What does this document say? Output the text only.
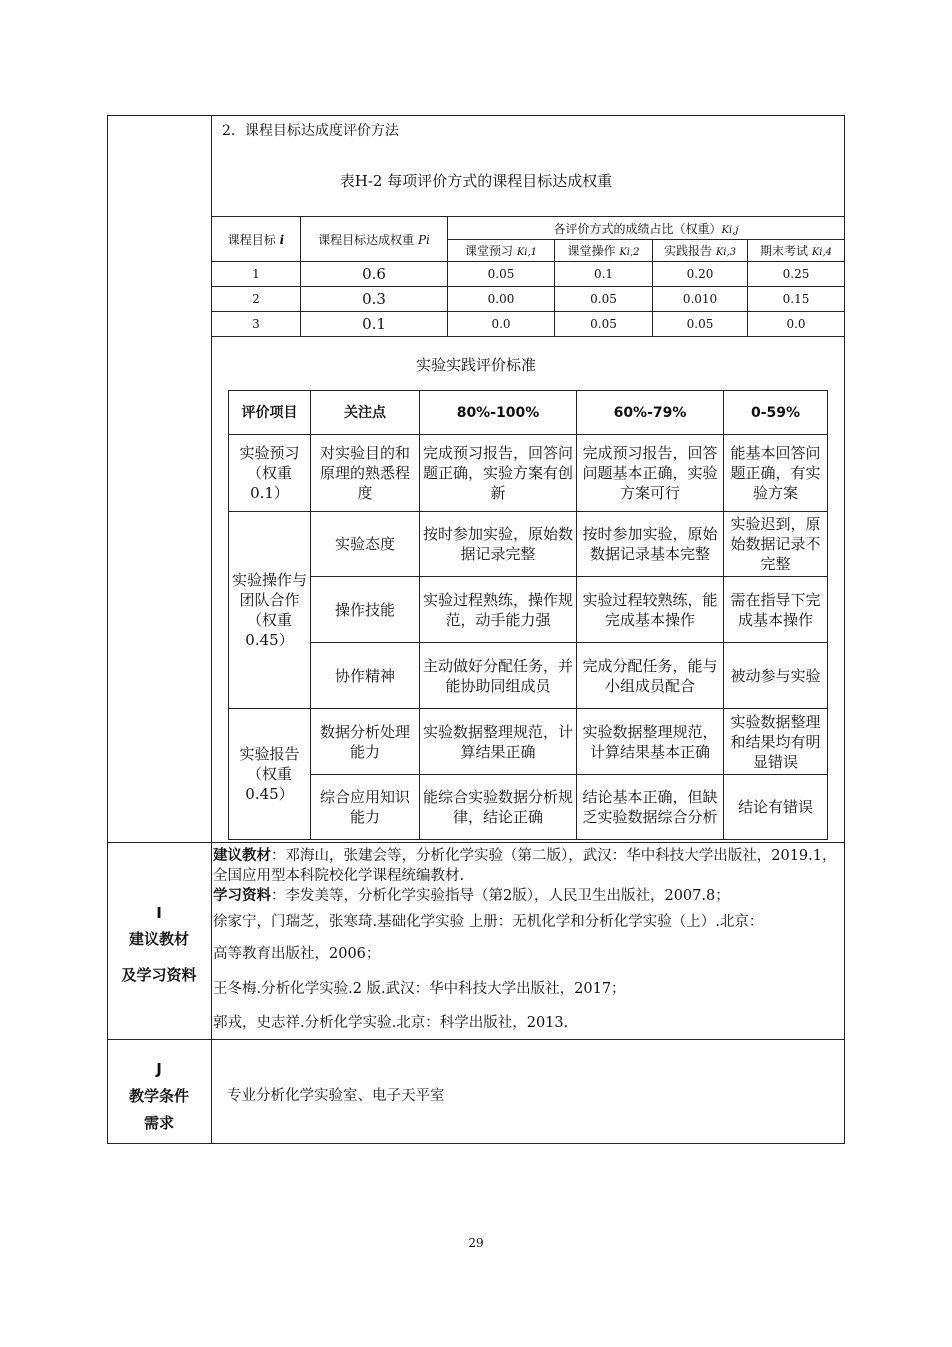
2．课程目标达成度评价方法
表H-2 每项评价方式的课程目标达成权重
课程目标 i	课程目标达成权重 Pi	各评价方式的成绩占比（权重）Ki,j			
		课堂预习 Ki,1	课堂操作 Ki,2	实践报告 Ki,3	期末考试 Ki,4
1	0.6	0.05	0.1	0.20	0.25
2	0.3	0.00	0.05	0.010	0.15
3	0.1	0.0	0.05	0.05	0.0
实验实践评价标准
评价项目	关注点	80%-100%	60%-79%	0-59%
实验预习（权重0.1）	对实验目的和原理的熟悉程度	完成预习报告，回答问题正确，实验方案有创新	完成预习报告，回答问题基本正确，实验方案可行	能基本回答问题正确，有实验方案
实验操作与团队合作（权重0.45）	实验态度	按时参加实验，原始数据记录完整	按时参加实验，原始数据记录基本完整	实验迟到，原始数据记录不完整
	操作技能	实验过程熟练，操作规范，动手能力强	实验过程较熟练，能完成基本操作	需在指导下完成基本操作
	协作精神	主动做好分配任务，并能协助同组成员	完成分配任务，能与小组成员配合	被动参与实验
实验报告（权重0.45）	数据分析处理能力	实验数据整理规范，计算结果正确	实验数据整理规范，计算结果基本正确	实验数据整理和结果均有明显错误
	综合应用知识能力	能综合实验数据分析规律，结论正确	结论基本正确，但缺乏实验数据综合分析	结论有错误
I
建议教材
及学习资料
建议教材：邓海山，张建会等，分析化学实验（第二版），武汉：华中科技大学出版社，2019.1，全国应用型本科院校化学课程统编教材.
学习资料：李发美等，分析化学实验指导（第2版），人民卫生出版社，2007.8；
徐家宁，门瑞芝，张寒琦.基础化学实验 上册：无机化学和分析化学实验（上）.北京：
高等教育出版社，2006；
王冬梅.分析化学实验.2 版.武汉：华中科技大学出版社，2017；
郭戎，史志祥.分析化学实验.北京：科学出版社，2013.
J
教学条件
需求
专业分析化学实验室、电子天平室
29
